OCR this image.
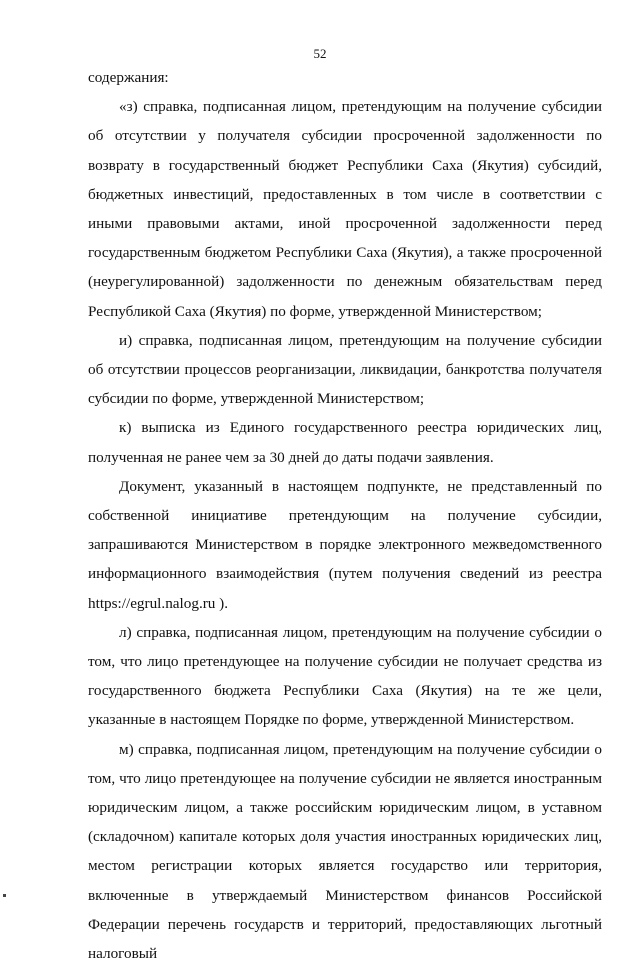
52

содержания:

«з) справка, подписанная лицом, претендующим на получение субсидии об отсутствии у получателя субсидии просроченной задолженности по возврату в государственный бюджет Республики Саха (Якутия) субсидий, бюджетных инвестиций, предоставленных в том числе в соответствии с иными правовыми актами, иной просроченной задолженности перед государственным бюджетом Республики Саха (Якутия), а также просроченной (неурегулированной) задолженности по денежным обязательствам перед Республикой Саха (Якутия) по форме, утвержденной Министерством;

и) справка, подписанная лицом, претендующим на получение субсидии об отсутствии процессов реорганизации, ликвидации, банкротства получателя субсидии по форме, утвержденной Министерством;

к) выписка из Единого государственного реестра юридических лиц, полученная не ранее чем за 30 дней до даты подачи заявления.

Документ, указанный в настоящем подпункте, не представленный по собственной инициативе претендующим на получение субсидии, запрашиваются Министерством в порядке электронного межведомственного информационного взаимодействия (путем получения сведений из реестра https://egrul.nalog.ru ).

л) справка, подписанная лицом, претендующим на получение субсидии о том, что лицо претендующее на получение субсидии не получает средства из государственного бюджета Республики Саха (Якутия) на те же цели, указанные в настоящем Порядке по форме, утвержденной Министерством.

м) справка, подписанная лицом, претендующим на получение субсидии о том, что лицо претендующее на получение субсидии не является иностранным юридическим лицом, а также российским юридическим лицом, в уставном (складочном) капитале которых доля участия иностранных юридических лиц, местом регистрации которых является государство или территория, включенные в утверждаемый Министерством финансов Российской Федерации перечень государств и территорий, предоставляющих льготный налоговый
